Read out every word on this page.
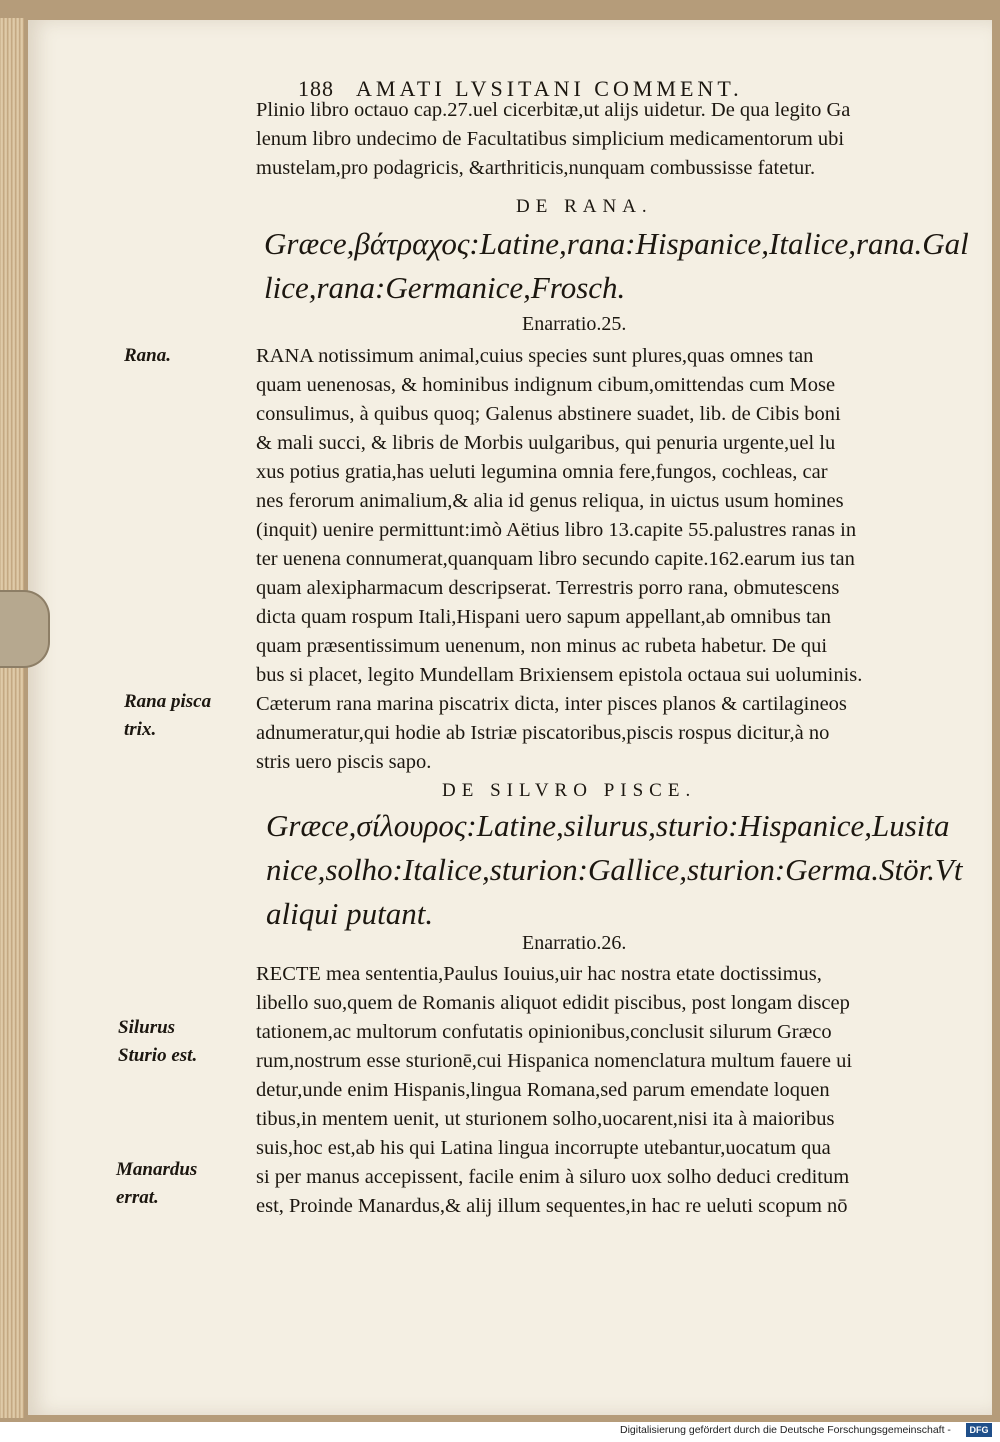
188 AMATI LVSITANI COMMENT.
Plinio libro octauo cap.27.uel cicerbitæ,ut alijs uidetur. De qua legito Ga
lenum libro undecimo de Facultatibus simplicium medicamentorum ubi
mustelam,pro podagricis, &arthriticis,nunquam combussisse fatetur.
DE RANA.
Græce,βάτραχος:Latine,rana:Hispanice,Italice,rana.Gal
lice,rana:Germanice,Frosch.
Enarratio.25.
Rana.	RANA notissimum animal,cuius species sunt plures,quas omnes tan
quam uenenosas, & hominibus indignum cibum,omittendas cum Mose
consulimus, à quibus quoq; Galenus abstinere suadet, lib. de Cibis boni
& mali succi, & libris de Morbis uulgaribus, qui penuria urgente,uel lu
xus potius gratia,has ueluti legumina omnia fere,fungos, cochleas, car
nes ferorum animalium,& alia id genus reliqua, in uictus usum homines
(inquit) uenire permittunt:imò Aëtius libro 13.capite 55.palustres ranas in
ter uenena connumerat,quanquam libro secundo capite.162.earum ius tan
quam alexipharmacum descripserat. Terrestris porro rana, obmutescens
dicta quam rospum Itali,Hispani uero sapum appellant,ab omnibus tan
quam præsentissimum uenenum, non minus ac rubeta habetur. De qui
bus si placet, legito Mundellam Brixiensem epistola octaua sui uoluminis.
Cæterum rana marina piscatrix dicta, inter pisces planos & cartilagineos
adnumeratur,qui hodie ab Istriæ piscatoribus,piscis rospus dicitur,à no
stris uero piscis sapo.
Rana pisca
trix.
DE SILVRO PISCE.
Græce,σίλουρος:Latine,silurus,sturio:Hispanice,Lusita
nice,solho:Italice,sturion:Gallice,sturion:Germa.Stör.Vt
aliqui putant.
Enarratio.26.
RECTE mea sententia,Paulus Iouius,uir hac nostra etate doctissimus,
libello suo,quem de Romanis aliquot edidit piscibus, post longam discep
tationem,ac multorum confutatis opinionibus,conclusit silurum Græco
rum,nostrum esse sturionē,cui Hispanica nomenclatura multum fauere ui
detur,unde enim Hispanis,lingua Romana,sed parum emendate loquen
tibus,in mentem uenit, ut sturionem solho,uocarent,nisi ita à maioribus
suis,hoc est,ab his qui Latina lingua incorrupte utebantur,uocatum qua
si per manus accepissent, facile enim à siluro uox solho deduci creditum
est, Proinde Manardus,& alij illum sequentes,in hac re ueluti scopum nō
Silurus
Sturio est.
Manardus
errat.
Digitalisierung gefördert durch die Deutsche Forschungsgemeinschaft -	DFG
